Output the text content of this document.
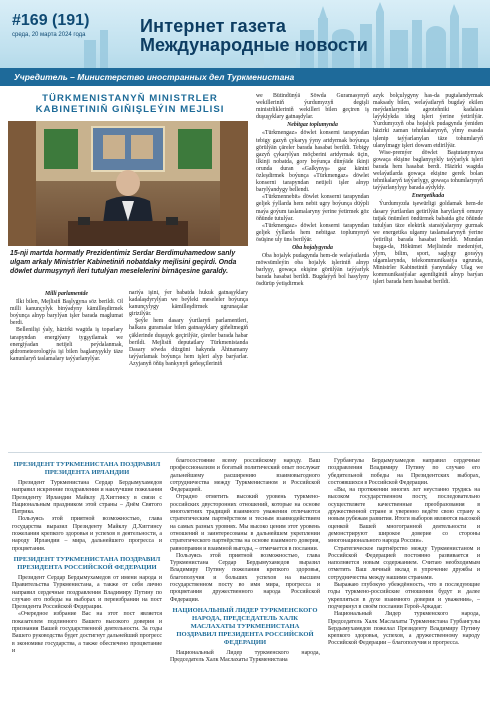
#169 (191)
среда, 20 марта 2024 года	Интернет газета
Международные новости
Учредитель – Министерство иностранных дел Туркменистана
TÜRKMENISTANYŇ MINISTRLER KABINETINIŇ GIŇIŞLEÝIN MEJLISI
15-nji martda hormatly Prezidentimiz Serdar Berdimuhamedow sanly ulgam arkaly Ministrler Kabinetiniň nobatdaky mejlisini geçirdi. Onda döwlet durmuşynyň ileri tutulýan meselelerini birnäçesine garaldy.
Milli parlamentde

Ilki bilen, Mejlisiň Başlygyna söz berildi. Ol milli kanunçylyk binýadyny kämilleşdirmek boýunça alnyp barylýan işler barada maglumat berdi.

Bellenilişi ýaly, häzirki wagtda iş toparlary tarapyndan energiýany tygşytlamak we energiýadan netijeli peýdalanmak, gidrometeorologiýa işi bilen baglanyşykly täze kanunlaryň taslamalary taýýarlanylýar.

nariýa işini, ýer babatda hukuk gatnaşyklary kadalaşdyrylýan we beýleki meseleler boýunça kanunçylygy kämilleşdirmek ugrunaçalar girizilýär.

Şeýle hem dasary ýurtlaryň parlamentleri, halkara guramalar bilen gatnaşyklary giňeltmegiň çäklerinde duşuşyk geçirilýär, çäreler barada habar berildi. Mejlisiň deputatlary Türkmenistanda Dasary söwda düzgüni hakynda Ähtnamany taýýarlamak boýunça hem işleri alyp barýarlar. Azyjanyň öňüş bankynyň geňeşçileriniň

we Bütindünýä Söwda Guramasynyň wekilleriniň ýurdumyzyň degişli ministrlikleriniň wekilleri bilen geçiren iş duşuşyklary gatnaşdylar.

Nebitgaz toplumynda

«Türkmengaz» döwlet konserni tarapyndan tebigy gazyň çykaryş ýyny artdyrmak boýunça görülýän çäreler barada hasabat berildi. Tebigy gazyň çykarylýan möçberini artdyrmak üçin, ilkinji nobatda, gory boýunça dünýäde ikinji orunda duran «Galkynyş» gaz känini özleşdirmek boýunça «Türkmengaz» döwlet konserni tarapyndan netijeli işler alnyp barylýandygy bellendi.

«Türkmennebit» döwlet konserni tarapyndan geljek ýyllarda hem nebit ugry boýunça düýpli maýa goýum taslamalaryny ýerine ýetirmek göz öňünde tutulýar.

«Türkmengaz» döwlet konserni tarapyndan geljek ýyllarda hem nebitgaz toplumynyň ösüşine uly üns berilýär.

Oba hojalygynda

Oba hojalyk pudagynda hem-de welaýatlarda möwsümleýin oba hojalyk işleriniň alnyp barlyşy, gowaça ekişine görülýän taýýarlyk barada hasabat berildi. Bugdaýyň bol hasylyny ösdürüp ýetişdirmek

azyk bolçulygyny has-da pugtalandyrmak maksady bilen, welaýatlaryň bugdaý ekilen meýdanlarynda agrotehniki kadalara laýyklykda ideg işleri ýerine ýetirilýär. Ýurdumyzyň oba hojalyk pudagynda ýeniden häzirki zaman tehnikalarynyň, ylmy esasda işlenip taýýarlanylan täze tohumlaryň ulanylmagy işleri dowam etdirilýär.

Wise-premýer döwlet Baştutanymyza gowaça ekişine baglanyşykly taýýarlyk işleri barada hem hasabat berdi. Häzirki wagtda welaýatlarda gowaça ekişine gerek bolan tehnikalaryň taýýarlygy, gowaça tohumlarynyň taýýarlanylyşy barada aýdyldy.

Energetikada

Ýurdumyzda işewürligi goldamak hem-de dasary ýurtlardan getirilýän harytlaryň ornuny tutjak önümleri öndürmek babatda göz öňünde tutulýan täze elektrik stansiýalaryny gurmak we energetika ulgamy taslamalarynyň ýerine ýetirilişi barada hasabat berildi. Mundan başga-da, Hökümet Mejlisinde medeniýet, ylym, bilim, sport, saglygy goraýyş ulgamlarynda, telekommunikasiýa ugrunda, Ministrler Kabinetiniň ýanyndaky Ulag we kommunikasiýalar agentliginiň alnyp barýan işleri barada hem hasabat berildi.

ПРЕЗИДЕНТ ТУРКМЕНИСТАНА ПОЗДРАВИЛ ПРЕЗИДЕНТА ИРЛАНДИИ

Президент Туркменистана Сердар Бердымухамедов направил искренние поздравления и наилучшие пожелания Президенту Ирландии Майклу Д.Хиггинсу в связи с Национальным праздником этой страны – Днём Святого Патрика.

Пользуясь этой приятной возможностью, глава государства выразил Президенту Майклу Д.Хиггинсу пожелания крепкого здоровья и успехов в деятельности, а народу Ирландии – мира, дальнейшего прогресса и процветания.

ПРЕЗИДЕНТ ТУРКМЕНИСТАНА ПОЗДРАВИЛ ПРЕЗИДЕНТА РОССИЙСКОЙ ФЕДЕРАЦИИ

Президент Сердар Бердымухамедов от имени народа и Правительства Туркменистана, а также от себя лично направил сердечные поздравления Владимиру Путину по случаю его победы на выборах и переизбрании на пост Президента Российской Федерации.

«Очередное избрание Вас на этот пост является показателем подлинного Вашего высокого доверия и признания Вашей государственной деятельности. За годы Вашего руководства будет достигнут дальнейший прогресс в экономике государства, а также обеспечено процветание и

благосостояние всему российскому народу. Ваш профессионализм и богатый политический опыт послужат дальнейшему расширению взаимовыгодного сотрудничества между Туркменистаном и Российской Федерацией.

Отрадно отметить высокий уровень туркмено-российских двусторонних отношений, которые на основе многолетних традиций взаимного уважения отличаются стратегическим партнёрством и тесным взаимодействием на самых разных уровнях. Мы высоко ценим этот уровень отношений и заинтересованы в дальнейшем укреплении стратегического партнёрства на основе взаимного доверия, равноправия и взаимной выгоды, – отмечается в послании.

Пользуясь этой приятной возможностью, глава Туркменистана Сердар Бердымухамедов выразил Владимиру Путину пожелания крепкого здоровья, благополучия и больших успехов на высшем государственном посту во имя мира, прогресса и процветания дружественного народа Российской Федерации.

НАЦИОНАЛЬНЫЙ ЛИДЕР ТУРКМЕНСКОГО НАРОДА, ПРЕДСЕДАТЕЛЬ ХАЛК МАСЛАХАТЫ ТУРКМЕНИСТАНА ПОЗДРАВИЛ ПРЕЗИДЕНТА РОССИЙСКОЙ ФЕДЕРАЦИИ

Национальный Лидер туркменского народа, Председатель Халк Маслахаты Туркменистана

Гурбангулы Бердымухамедов направил сердечные поздравления Владимиру Путину по случаю его убедительной победы на Президентских выборах, состоявшихся в Российской Федерации.

«Вы, на протяжении многих лет неустанно трудясь на высоком государственном посту, последовательно осуществляете качественные преобразования в дружественной стране и уверенно ведёте свою страну к новым рубежам развития. Итоги выборов являются высокой оценкой Вашей многогранной деятельности и демонстрируют широкое доверие со стороны многонационального народа России».

Стратегическое партнёрство между Туркменистаном и Российской Федерацией постоянно развивается и наполняется новым содержанием. Считаю необходимым отметить Ваш личный вклад в упрочение дружбы и сотрудничества между нашими странами.

Выражаю глубокую убеждённость, что в последующие годы туркмено-российские отношения будут и далее укрепляться в духе взаимного доверия и уважения», – подчеркнул в своём послании Герой-Аркадаг.

Национальный Лидер туркменского народа, Председатель Халк Маслахаты Туркменистана Гурбангулы Бердымухамедов пожелал Президенту Владимиру Путину крепкого здоровья, успехов, а дружественному народу Российской Федерации – благополучия и прогресса.
